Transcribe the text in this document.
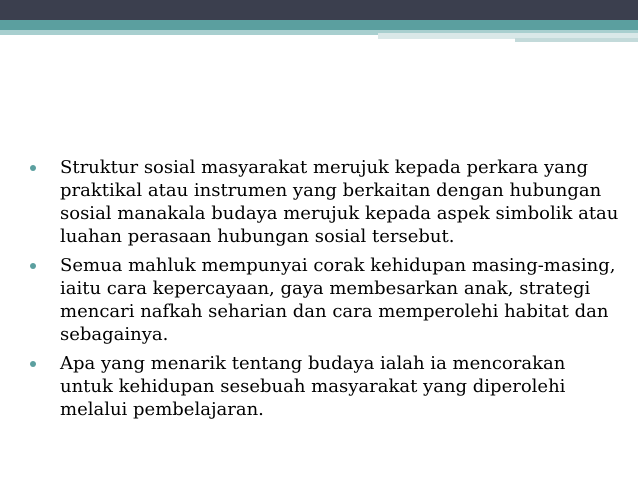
Struktur sosial masyarakat merujuk kepada perkara yang praktikal atau instrumen yang berkaitan dengan hubungan sosial manakala budaya merujuk kepada aspek simbolik atau luahan perasaan hubungan sosial tersebut.
Semua mahluk mempunyai corak kehidupan masing-masing, iaitu cara kepercayaan, gaya membesarkan anak, strategi mencari nafkah seharian dan cara memperolehi habitat dan sebagainya.
Apa yang menarik tentang budaya ialah ia mencorakan untuk kehidupan sesebuah masyarakat yang diperolehi melalui pembelajaran.
